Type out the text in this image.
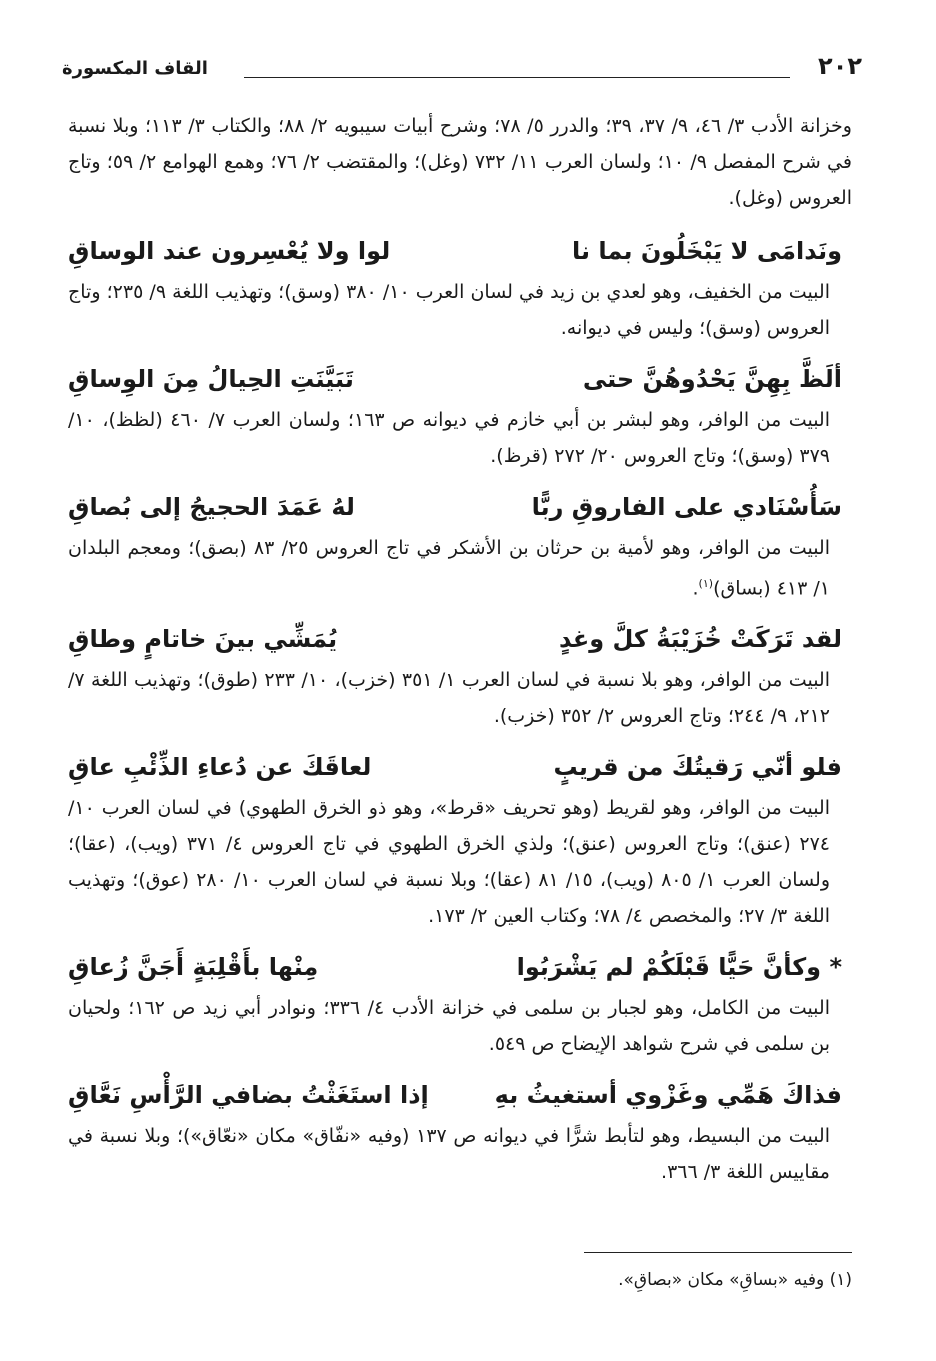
٢٠٢
القاف المكسورة

وخزانة الأدب ٣/ ٤٦، ٩/ ٣٧، ٣٩؛ والدرر ٥/ ٧٨؛ وشرح أبيات سيبويه ٢/ ٨٨؛ والكتاب ٣/ ١١٣؛ وبلا نسبة في شرح المفصل ٩/ ١٠؛ ولسان العرب ١١/ ٧٣٢ (وغل)؛ والمقتضب ٢/ ٧٦؛ وهمع الهوامع ٢/ ٥٩؛ وتاج العروس (وغل).

ونَدامَى لا يَبْخَلُونَ بما نا
لوا ولا يُعْسِرون عند الوساقِ

البيت من الخفيف، وهو لعدي بن زيد في لسان العرب ١٠/ ٣٨٠ (وسق)؛ وتهذيب اللغة ٩/ ٢٣٥؛ وتاج العروس (وسق)؛ وليس في ديوانه.

ألَظَّ بِهِنَّ يَحْدُوهُنَّ حتى
تَبَيَّنَتِ الحِيالُ مِنَ الوِساقِ

البيت من الوافر، وهو لبشر بن أبي خازم في ديوانه ص ١٦٣؛ ولسان العرب ٧/ ٤٦٠ (لظظ)، ١٠/ ٣٧٩ (وسق)؛ وتاج العروس ٢٠/ ٢٧٢ (قرظ).

سَأُسْنَادي على الفاروقِ ربًّا
لهُ عَمَدَ الحجيجُ إلى بُصاقِ

البيت من الوافر، وهو لأمية بن حرثان بن الأشكر في تاج العروس ٢٥/ ٨٣ (بصق)؛ ومعجم البلدان ١/ ٤١٣ (بساق)$^{(١)}$.

لقد تَرَكَتْ خُزَيْبَةُ كلَّ وغدٍ
يُمَشِّي بينَ خاتامٍ وطاقِ

البيت من الوافر، وهو بلا نسبة في لسان العرب ١/ ٣٥١ (خزب)، ١٠/ ٢٣٣ (طوق)؛ وتهذيب اللغة ٧/ ٢١٢، ٩/ ٢٤٤؛ وتاج العروس ٢/ ٣٥٢ (خزب).

فلو أنّي رَقيتُكَ من قريبٍ
لعاقَكَ عن دُعاءِ الذِّئْبِ عاقِ

البيت من الوافر، وهو لقريط (وهو تحريف «قرط»، وهو ذو الخرق الطهوي) في لسان العرب ١٠/ ٢٧٤ (عنق)؛ وتاج العروس (عنق)؛ ولذي الخرق الطهوي في تاج العروس ٤/ ٣٧١ (ويب)، (عقا)؛ ولسان العرب ١/ ٨٠٥ (ويب)، ١٥/ ٨١ (عقا)؛ وبلا نسبة في لسان العرب ١٠/ ٢٨٠ (عوق)؛ وتهذيب اللغة ٣/ ٢٧؛ والمخصص ٤/ ٧٨؛ وكتاب العين ٢/ ١٧٣.

* وكأنَّ حَيًّا قَبْلَكُمْ لم يَشْرَبُوا
مِنْها بأَقْلِبَةٍ أَجَنَّ زُعاقِ

البيت من الكامل، وهو لجبار بن سلمى في خزانة الأدب ٤/ ٣٣٦؛ ونوادر أبي زيد ص ١٦٢؛ ولحيان بن سلمى في شرح شواهد الإيضاح ص ٥٤٩.

فذاكَ هَمِّي وغَزْوي أستغيثُ بهِ
إذا استَغَثْتُ بضافي الرَّأْسِ نَعَّاقِ

البيت من البسيط، وهو لتأبط شرًّا في ديوانه ص ١٣٧ (وفيه «نفّاق» مكان «نعّاق»)؛ وبلا نسبة في مقاييس اللغة ٣/ ٣٦٦.

(١) وفيه «بساقِ» مكان «بصاقِ».
